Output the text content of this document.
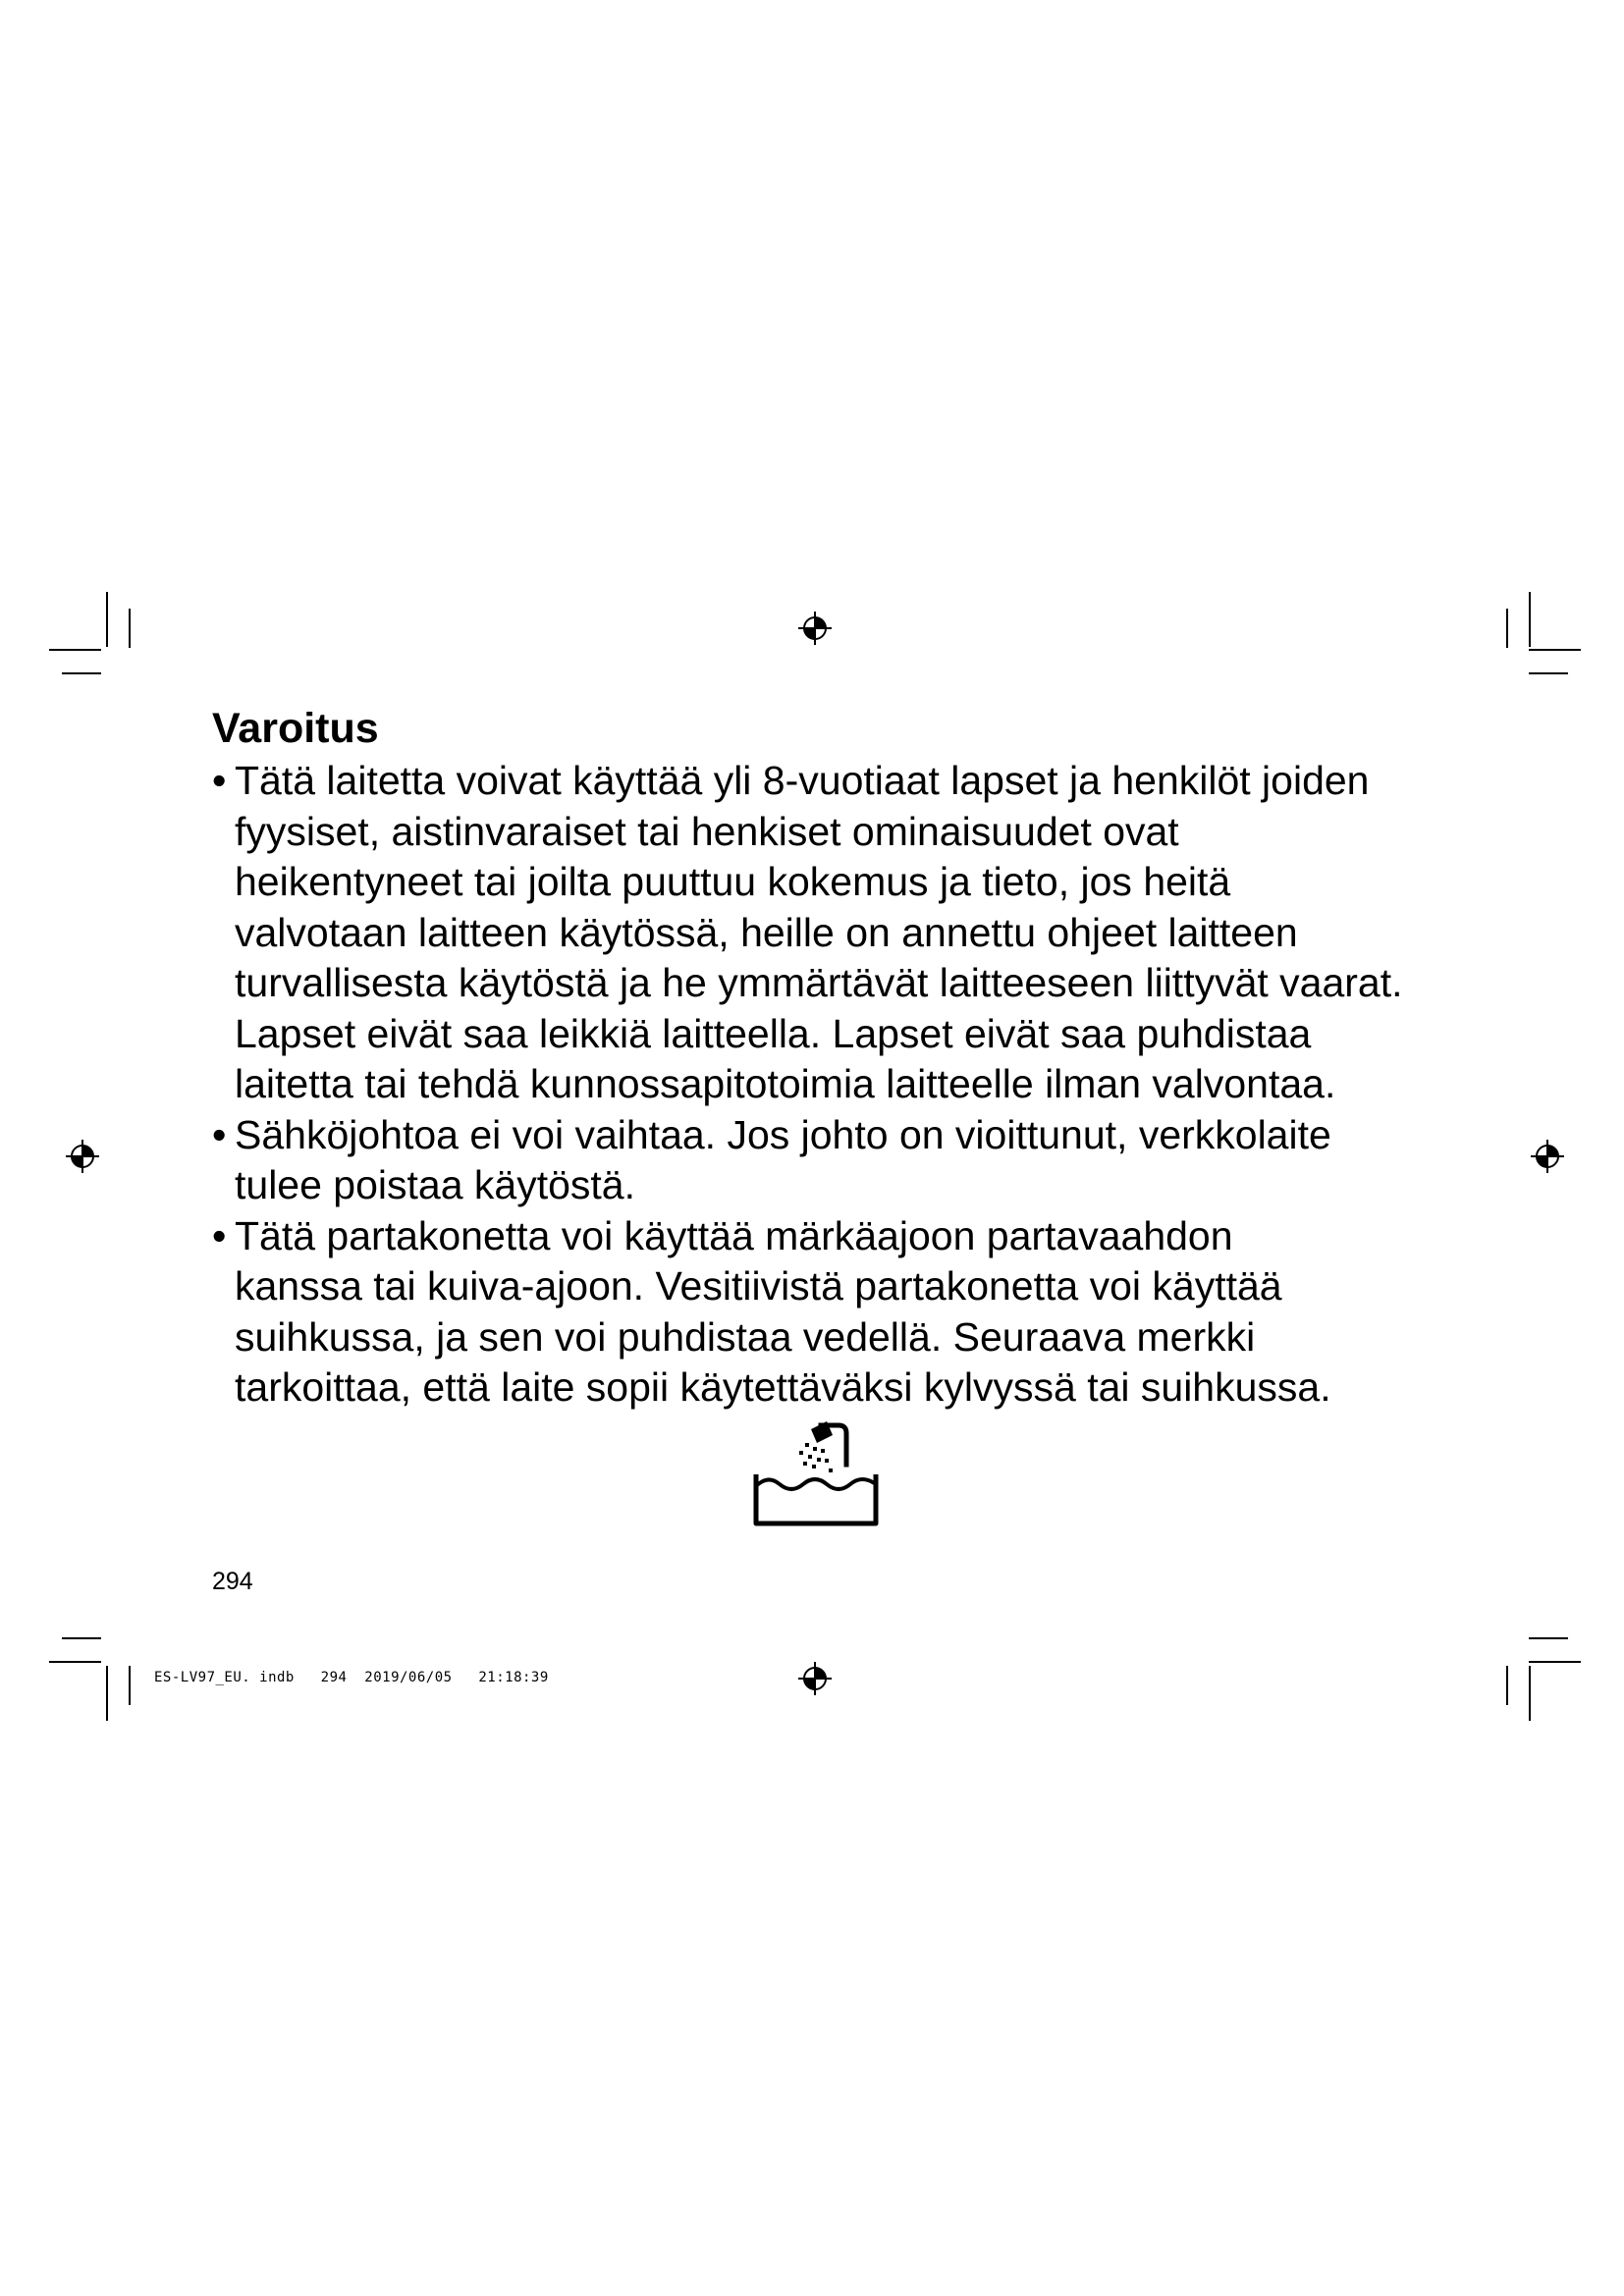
Varoitus
• Tätä laitetta voivat käyttää yli 8-vuotiaat lapset ja henkilöt joiden
fyysiset, aistinvaraiset tai henkiset ominaisuudet ovat
heikentyneet tai joilta puuttuu kokemus ja tieto, jos heitä
valvotaan laitteen käytössä, heille on annettu ohjeet laitteen
turvallisesta käytöstä ja he ymmärtävät laitteeseen liittyvät vaarat.
Lapset eivät saa leikkiä laitteella. Lapset eivät saa puhdistaa
laitetta tai tehdä kunnossapitotoimia laitteelle ilman valvontaa.
• Sähköjohtoa ei voi vaihtaa. Jos johto on vioittunut, verkkolaite
tulee poistaa käytöstä.
• Tätä partakonetta voi käyttää märkäajoon partavaahdon
kanssa tai kuiva-ajoon. Vesitiivistä partakonetta voi käyttää
suihkussa, ja sen voi puhdistaa vedellä. Seuraava merkki
tarkoittaa, että laite sopii käytettäväksi kylvyssä tai suihkussa.
294
ES-LV97_EU. indb   294  2019/06/05   21:18:39
